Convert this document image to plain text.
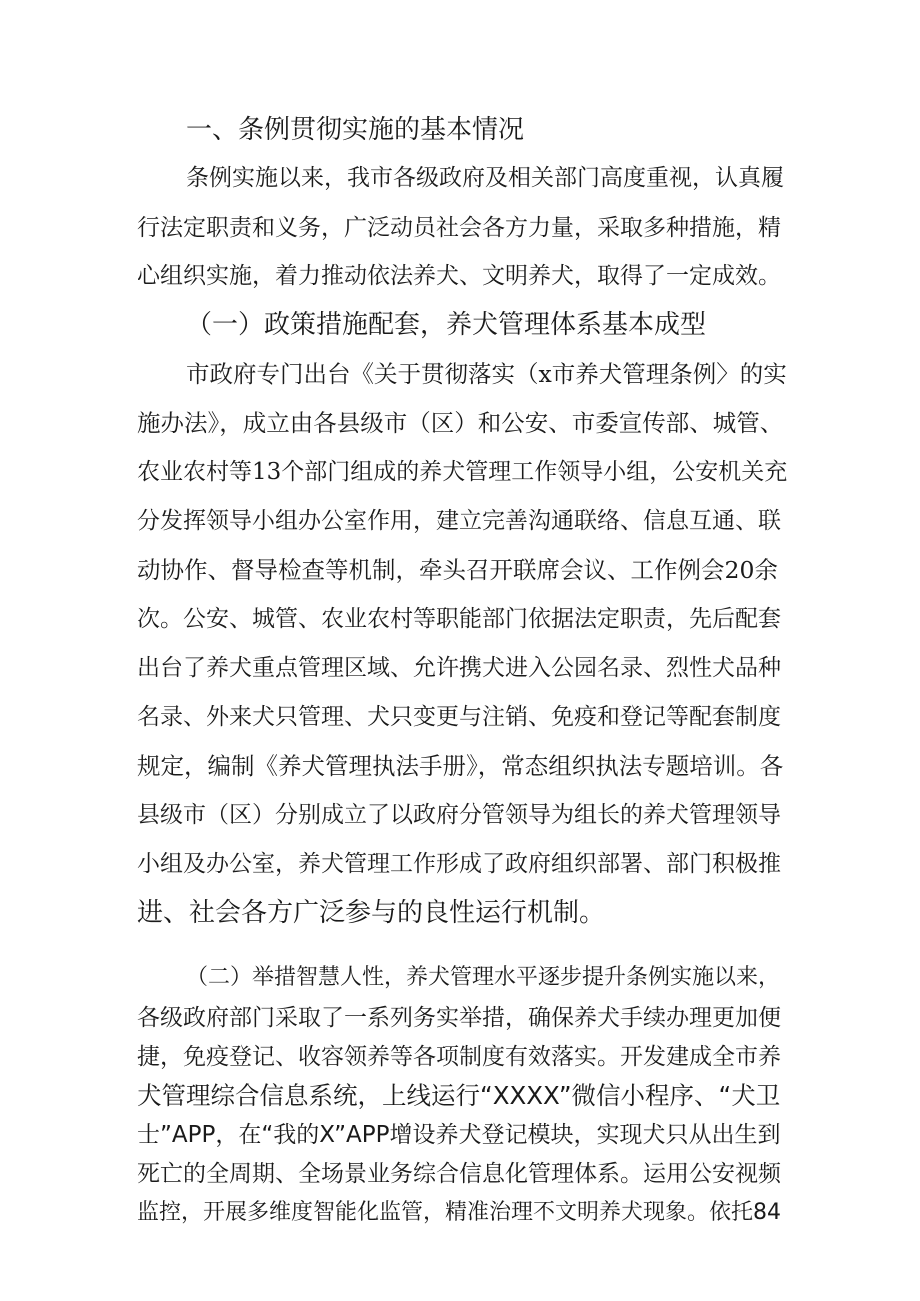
一、条例贯彻实施的基本情况

条例实施以来，我市各级政府及相关部门高度重视，认真履

行法定职责和义务，广泛动员社会各方力量，采取多种措施，精

心组织实施，着力推动依法养犬、文明养犬，取得了一定成效。

（一）政策措施配套，养犬管理体系基本成型

市政府专门出台《关于贯彻落实（x市养犬管理条例〉的实

施办法》，成立由各县级市（区）和公安、市委宣传部、城管、

农业农村等13个部门组成的养犬管理工作领导小组，公安机关充

分发挥领导小组办公室作用，建立完善沟通联络、信息互通、联

动协作、督导检查等机制，牵头召开联席会议、工作例会20余

次。公安、城管、农业农村等职能部门依据法定职责，先后配套

出台了养犬重点管理区域、允许携犬进入公园名录、烈性犬品种

名录、外来犬只管理、犬只变更与注销、免疫和登记等配套制度

规定，编制《养犬管理执法手册》，常态组织执法专题培训。各

县级市（区）分别成立了以政府分管领导为组长的养犬管理领导

小组及办公室，养犬管理工作形成了政府组织部署、部门积极推

进、社会各方广泛参与的良性运行机制。

（二）举措智慧人性，养犬管理水平逐步提升条例实施以来，

各级政府部门采取了一系列务实举措，确保养犬手续办理更加便

捷，免疫登记、收容领养等各项制度有效落实。开发建成全市养

犬管理综合信息系统，上线运行“XXXX”微信小程序、“犬卫

士”APP，在“我的X”APP增设养犬登记模块，实现犬只从出生到

死亡的全周期、全场景业务综合信息化管理体系。运用公安视频

监控，开展多维度智能化监管，精准治理不文明养犬现象。依托84
